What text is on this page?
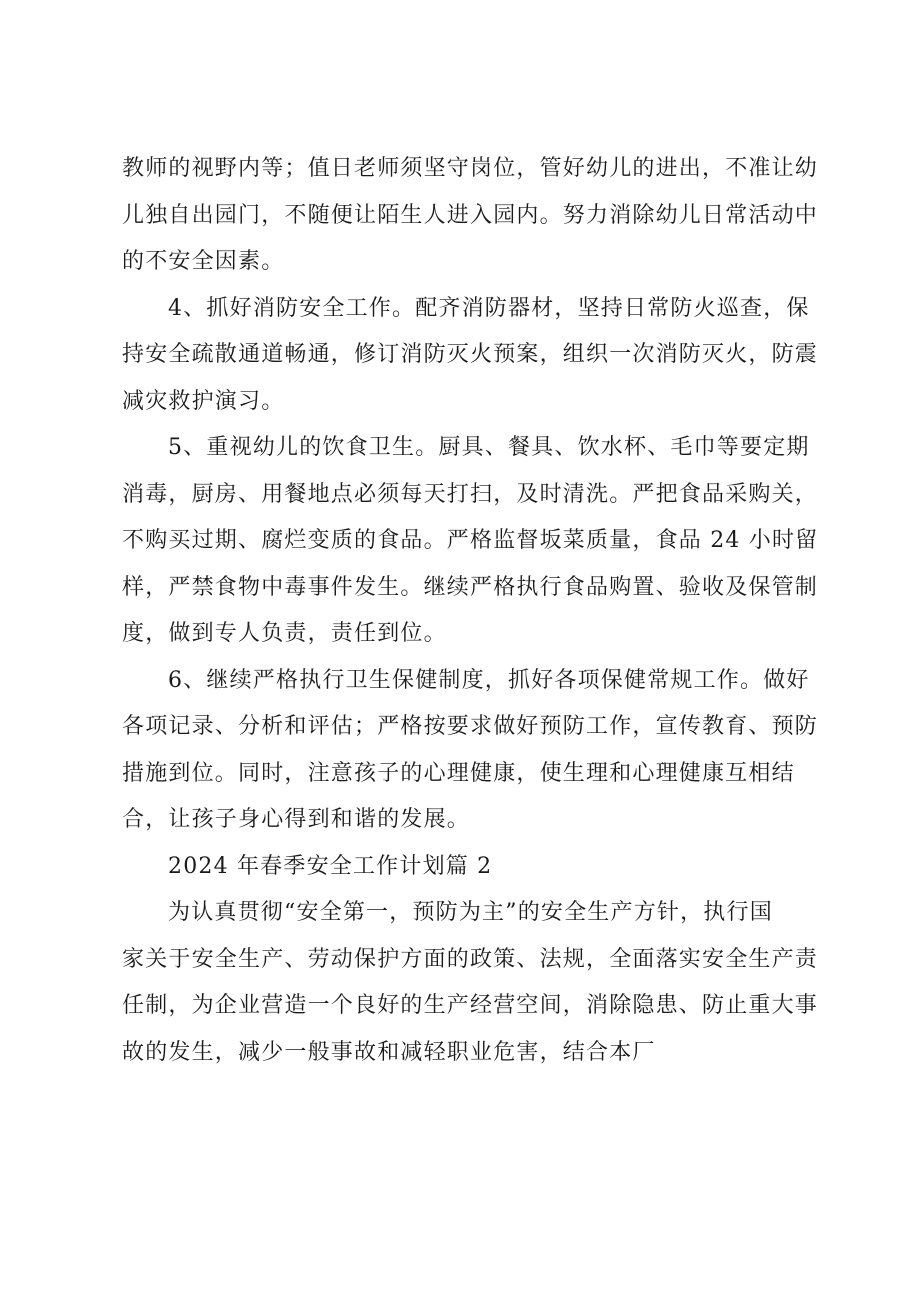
教师的视野内等；值日老师须坚守岗位，管好幼儿的进出，不准让幼
儿独自出园门，不随便让陌生人进入园内。努力消除幼儿日常活动中
的不安全因素。

4、抓好消防安全工作。配齐消防器材，坚持日常防火巡查，保
持安全疏散通道畅通，修订消防灭火预案，组织一次消防灭火，防震
减灾救护演习。

5、重视幼儿的饮食卫生。厨具、餐具、饮水杯、毛巾等要定期
消毒，厨房、用餐地点必须每天打扫，及时清洗。严把食品采购关，
不购买过期、腐烂变质的食品。严格监督坂菜质量，食品 24 小时留
样，严禁食物中毒事件发生。继续严格执行食品购置、验收及保管制
度，做到专人负责，责任到位。

6、继续严格执行卫生保健制度，抓好各项保健常规工作。做好
各项记录、分析和评估；严格按要求做好预防工作，宣传教育、预防
措施到位。同时，注意孩子的心理健康，使生理和心理健康互相结
合，让孩子身心得到和谐的发展。

2024 年春季安全工作计划篇 2

为认真贯彻“安全第一，预防为主”的安全生产方针，执行国
家关于安全生产、劳动保护方面的政策、法规，全面落实安全生产责
任制，为企业营造一个良好的生产经营空间，消除隐患、防止重大事
故的发生，减少一般事故和减轻职业危害，结合本厂
